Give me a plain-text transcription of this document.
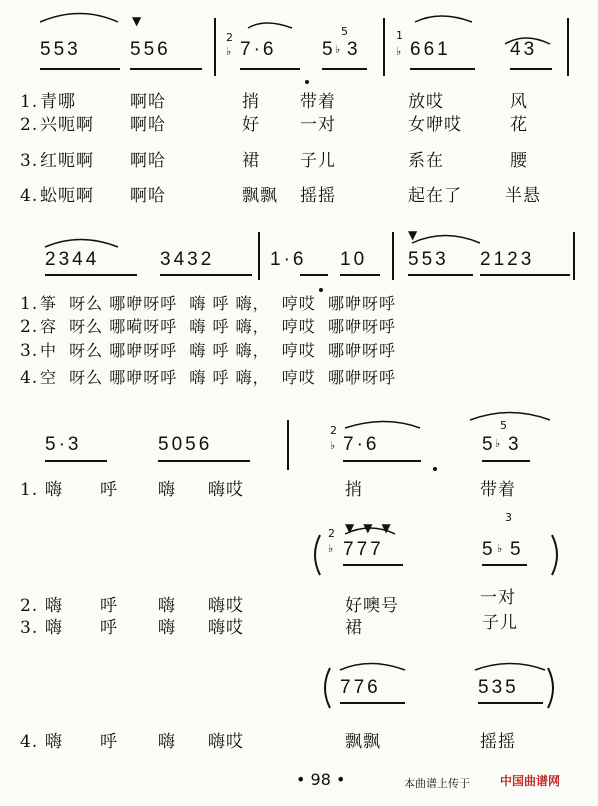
553	556
▼
2
♭ 7·6 5
5
♭ 3
1
♭ 661	43
1. 青哪	啊哈	捎 带着	放哎	风
2. 兴呃啊 啊哈	好 一对	女咿哎	花
3. 红呃啊 啊哈	裙 子儿	系在	腰
4. 蚣呃啊 啊哈	飘飘 摇摇	起在了	半悬
2344	3432	1·6 10
▼
553 2123
1. 筝  呀么 哪咿呀呼  嗨 呼 嗨，  哼哎  哪咿呀呼
2. 容  呀么 哪嗬呀呼  嗨 呼 嗨，  哼哎  哪咿呀呼
3. 中  呀么 哪咿呀呼  嗨 呼 嗨，  哼哎  哪咿呀呼
4. 空  呀么 哪咿呀呼  嗨 呼 嗨，  哼哎  哪咿呀呼
5·3	5056
2
♭ 7·6	5
5
♭ 3
1. 嗨 呼 嗨 嗨哎	捎	带着
2
♭
▼▼▼
777
3
5 ♭ 5
2. 嗨 呼 嗨 嗨哎	好噢号	一对
3. 嗨 呼 嗨 嗨哎	裙	子儿
776	535
4. 嗨 呼 嗨 嗨哎	飘飘	摇摇
• 98 •	本曲谱上传于	中国曲谱网
